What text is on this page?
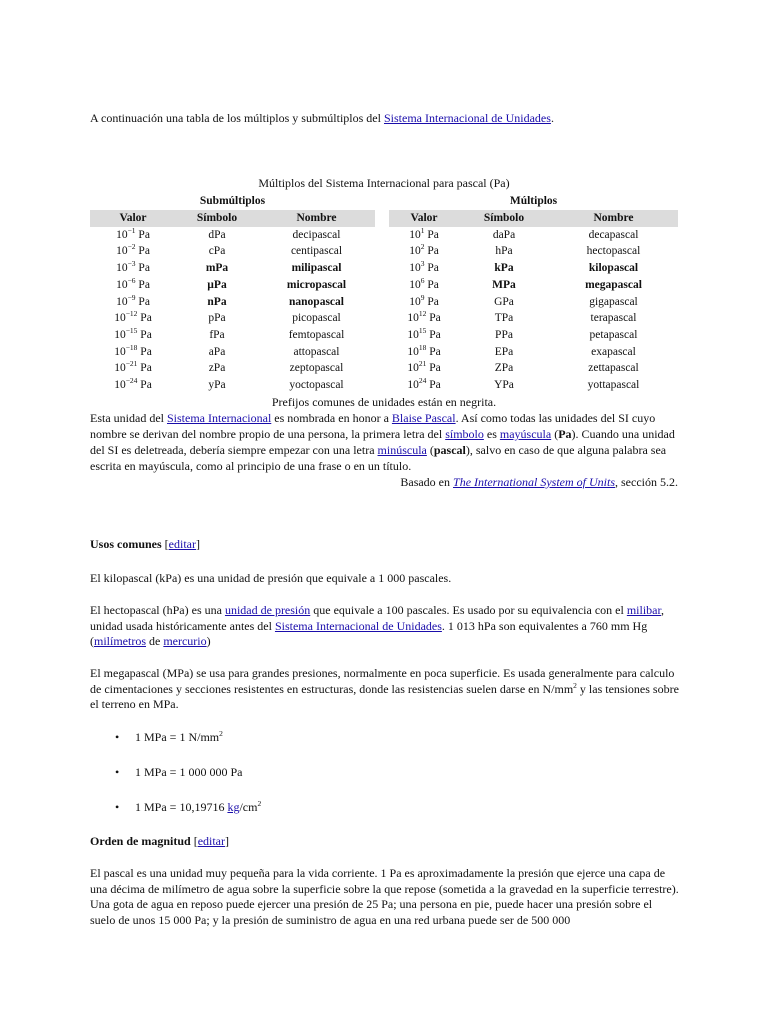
A continuación una tabla de los múltiplos y submúltiplos del Sistema Internacional de Unidades.

Múltiplos del Sistema Internacional para pascal (Pa)
Submúltiplos				Múltiplos		
Valor	Símbolo	Nombre		Valor	Símbolo	Nombre
$10^{-1}$ Pa	dPa	decipascal		$10^1$ Pa	daPa	decapascal
$10^{-2}$ Pa	cPa	centipascal		$10^2$ Pa	hPa	hectopascal
$10^{-3}$ Pa	mPa	milipascal		$10^3$ Pa	kPa	kilopascal
$10^{-6}$ Pa	µPa	micropascal		$10^6$ Pa	MPa	megapascal
$10^{-9}$ Pa	nPa	nanopascal		$10^9$ Pa	GPa	gigapascal
$10^{-12}$ Pa	pPa	picopascal		$10^{12}$ Pa	TPa	terapascal
$10^{-15}$ Pa	fPa	femtopascal		$10^{15}$ Pa	PPa	petapascal
$10^{-18}$ Pa	aPa	attopascal		$10^{18}$ Pa	EPa	exapascal
$10^{-21}$ Pa	zPa	zeptopascal		$10^{21}$ Pa	ZPa	zettapascal
$10^{-24}$ Pa	yPa	yoctopascal		$10^{24}$ Pa	YPa	yottapascal
Prefijos comunes de unidades están en negrita.
Esta unidad del Sistema Internacional es nombrada en honor a Blaise Pascal. Así como todas las unidades del SI cuyo nombre se derivan del nombre propio de una persona, la primera letra del símbolo es mayúscula (Pa). Cuando una unidad del SI es deletreada, debería siempre empezar con una letra minúscula (pascal), salvo en caso de que alguna palabra sea escrita en mayúscula, como al principio de una frase o en un título.
Basado en The International System of Units, sección 5.2.
Usos comunes [editar]
El kilopascal (kPa) es una unidad de presión que equivale a 1 000 pascales.
El hectopascal (hPa) es una unidad de presión que equivale a 100 pascales. Es usado por su equivalencia con el milibar, unidad usada históricamente antes del Sistema Internacional de Unidades. 1 013 hPa son equivalentes a 760 mm Hg (milímetros de mercurio)
El megapascal (MPa) se usa para grandes presiones, normalmente en poca superficie. Es usada generalmente para calculo de cimentaciones y secciones resistentes en estructuras, donde las resistencias suelen darse en $N/mm^2$ y las tensiones sobre el terreno en MPa.
• 1 MPa = 1 $N/mm^2$
• 1 MPa = 1 000 000 Pa
• 1 MPa = 10,19716 $kg/cm^2$
Orden de magnitud [editar]
El pascal es una unidad muy pequeña para la vida corriente. 1 Pa es aproximadamente la presión que ejerce una capa de una décima de milímetro de agua sobre la superficie sobre la que repose (sometida a la gravedad en la superficie terrestre). Una gota de agua en reposo puede ejercer una presión de 25 Pa; una persona en pie, puede hacer una presión sobre el suelo de unos 15 000 Pa; y la presión de suministro de agua en una red urbana puede ser de 500 000
